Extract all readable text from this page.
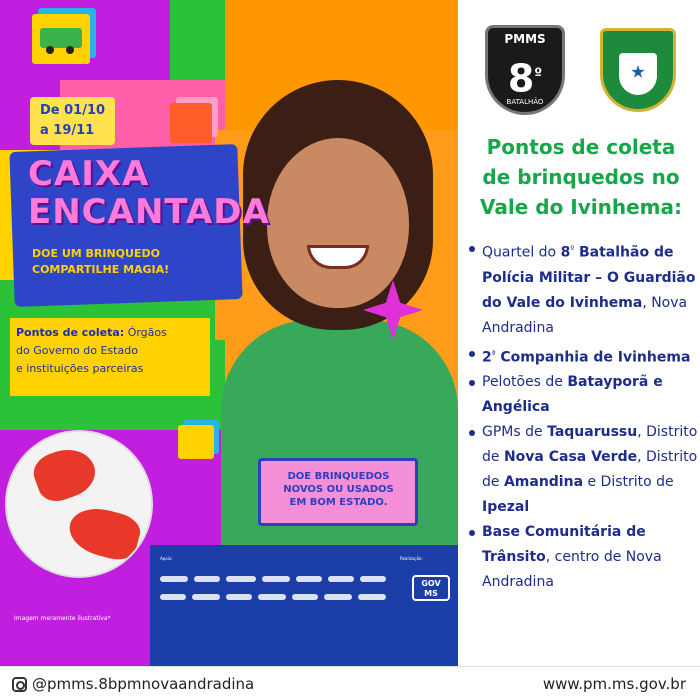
De 01/10
a 19/11
CAIXA
ENCANTADA
DOE UM BRINQUEDO
COMPARTILHE MAGIA!
Pontos de coleta: Órgãos
do Governo do Estado
e instituições parceiras
Imagem meramente ilustrativa*
DOE BRINQUEDOS
NOVOS OU USADOS
EM BOM ESTADO.
Apoio:	Realização:
GOV MS
PMMS
$8^º$
BATALHÃO
Pontos de coleta
de brinquedos no
Vale do Ivinhema:
Quartel do $8^º$ Batalhão de Polícia Militar – O Guardião do Vale do Ivinhema, Nova Andradina
$2^ª$ Companhia de Ivinhema
Pelotões de Batayporã e Angélica
GPMs de Taquarussu, Distrito de Nova Casa Verde, Distrito de Amandina e Distrito de Ipezal
Base Comunitária de Trânsito, centro de Nova Andradina
@pmms.8bpmnovaandradina	www.pm.ms.gov.br
